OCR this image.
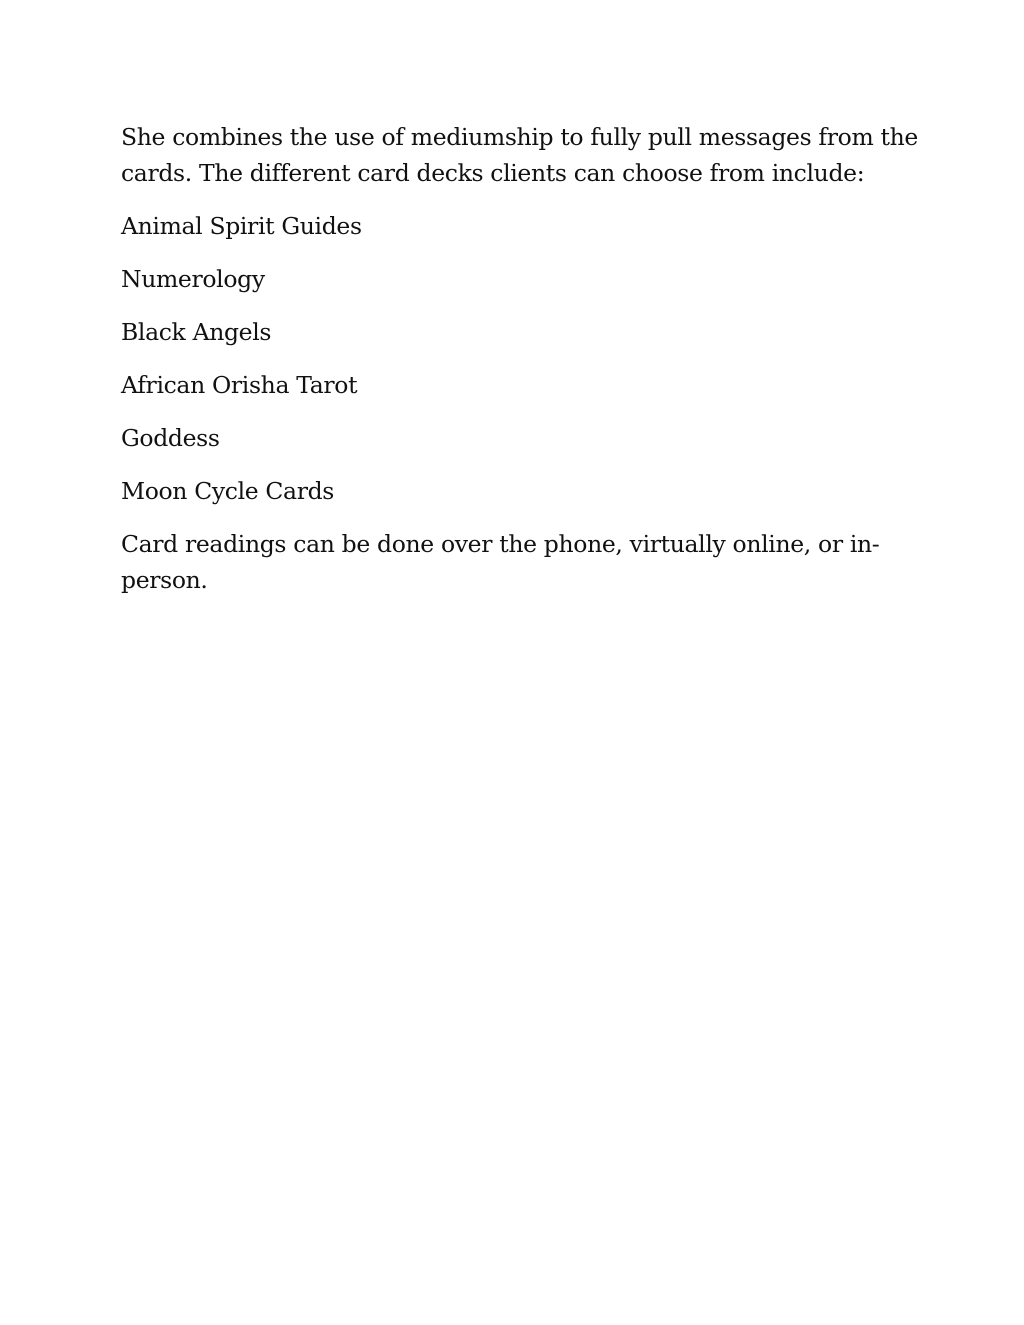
She combines the use of mediumship to fully pull messages from the
cards. The different card decks clients can choose from include:

Animal Spirit Guides
Numerology
Black Angels
African Orisha Tarot
Goddess
Moon Cycle Cards

Card readings can be done over the phone, virtually online, or in-
person.
